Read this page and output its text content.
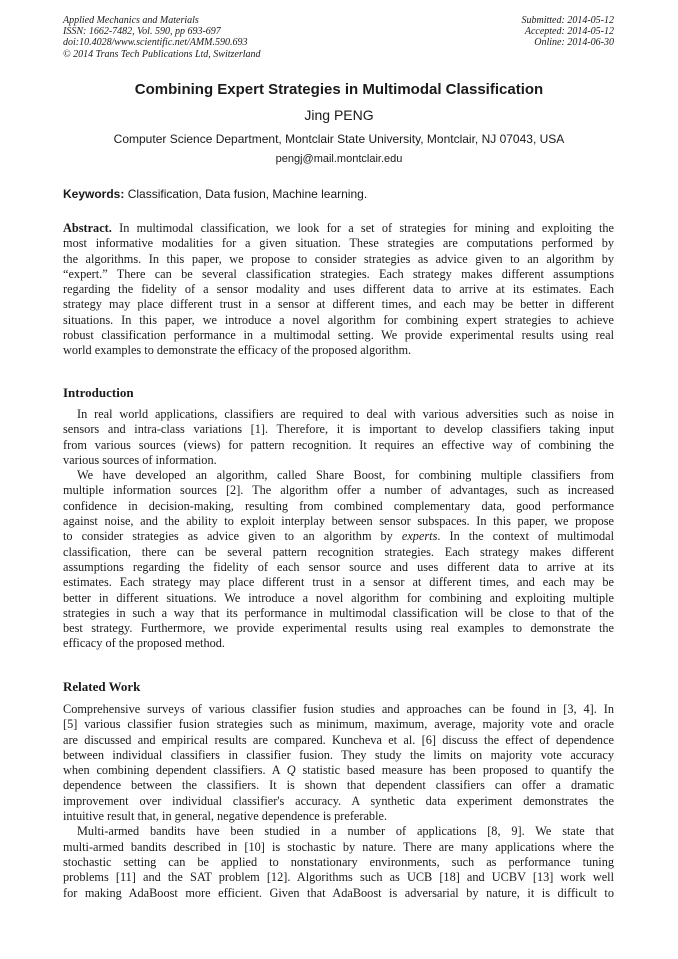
Applied Mechanics and Materials
ISSN: 1662-7482, Vol. 590, pp 693-697
doi:10.4028/www.scientific.net/AMM.590.693
© 2014 Trans Tech Publications Ltd, Switzerland
Submitted: 2014-05-12
Accepted: 2014-05-12
Online: 2014-06-30
Combining Expert Strategies in Multimodal Classification
Jing PENG
Computer Science Department, Montclair State University, Montclair, NJ 07043, USA
pengj@mail.montclair.edu
Keywords: Classification, Data fusion, Machine learning.
Abstract. In multimodal classification, we look for a set of strategies for mining and exploiting the
most informative modalities for a given situation. These strategies are computations performed by
the algorithms. In this paper, we propose to consider strategies as advice given to an algorithm by
“expert.” There can be several classification strategies. Each strategy makes different assumptions
regarding the fidelity of a sensor modality and uses different data to arrive at its estimates. Each
strategy may place different trust in a sensor at different times, and each may be better in different
situations. In this paper, we introduce a novel algorithm for combining expert strategies to achieve
robust classification performance in a multimodal setting. We provide experimental results using real
world examples to demonstrate the efficacy of the proposed algorithm.
Introduction
In real world applications, classifiers are required to deal with various adversities such as noise in
sensors and intra-class variations [1]. Therefore, it is important to develop classifiers taking input
from various sources (views) for pattern recognition. It requires an effective way of combining the
various sources of information.
We have developed an algorithm, called Share Boost, for combining multiple classifiers from
multiple information sources [2]. The algorithm offer a number of advantages, such as increased
confidence in decision-making, resulting from combined complementary data, good performance
against noise, and the ability to exploit interplay between sensor subspaces. In this paper, we propose
to consider strategies as advice given to an algorithm by experts. In the context of multimodal
classification, there can be several pattern recognition strategies. Each strategy makes different
assumptions regarding the fidelity of each sensor source and uses different data to arrive at its
estimates. Each strategy may place different trust in a sensor at different times, and each may be
better in different situations. We introduce a novel algorithm for combining and exploiting multiple
strategies in such a way that its performance in multimodal classification will be close to that of the
best strategy. Furthermore, we provide experimental results using real examples to demonstrate the
efficacy of the proposed method.
Related Work
Comprehensive surveys of various classifier fusion studies and approaches can be found in [3, 4]. In
[5] various classifier fusion strategies such as minimum, maximum, average, majority vote and oracle
are discussed and empirical results are compared. Kuncheva et al. [6] discuss the effect of dependence
between individual classifiers in classifier fusion. They study the limits on majority vote accuracy
when combining dependent classifiers. A Q statistic based measure has been proposed to quantify the
dependence between the classifiers. It is shown that dependent classifiers can offer a dramatic
improvement over individual classifier's accuracy. A synthetic data experiment demonstrates the
intuitive result that, in general, negative dependence is preferable.
Multi-armed bandits have been studied in a number of applications [8, 9]. We state that
multi-armed bandits described in [10] is stochastic by nature. There are many applications where the
stochastic setting can be applied to nonstationary environments, such as performance tuning
problems [11] and the SAT problem [12]. Algorithms such as UCB [18] and UCBV [13] work well
for making AdaBoost more efficient. Given that AdaBoost is adversarial by nature, it is difficult to
